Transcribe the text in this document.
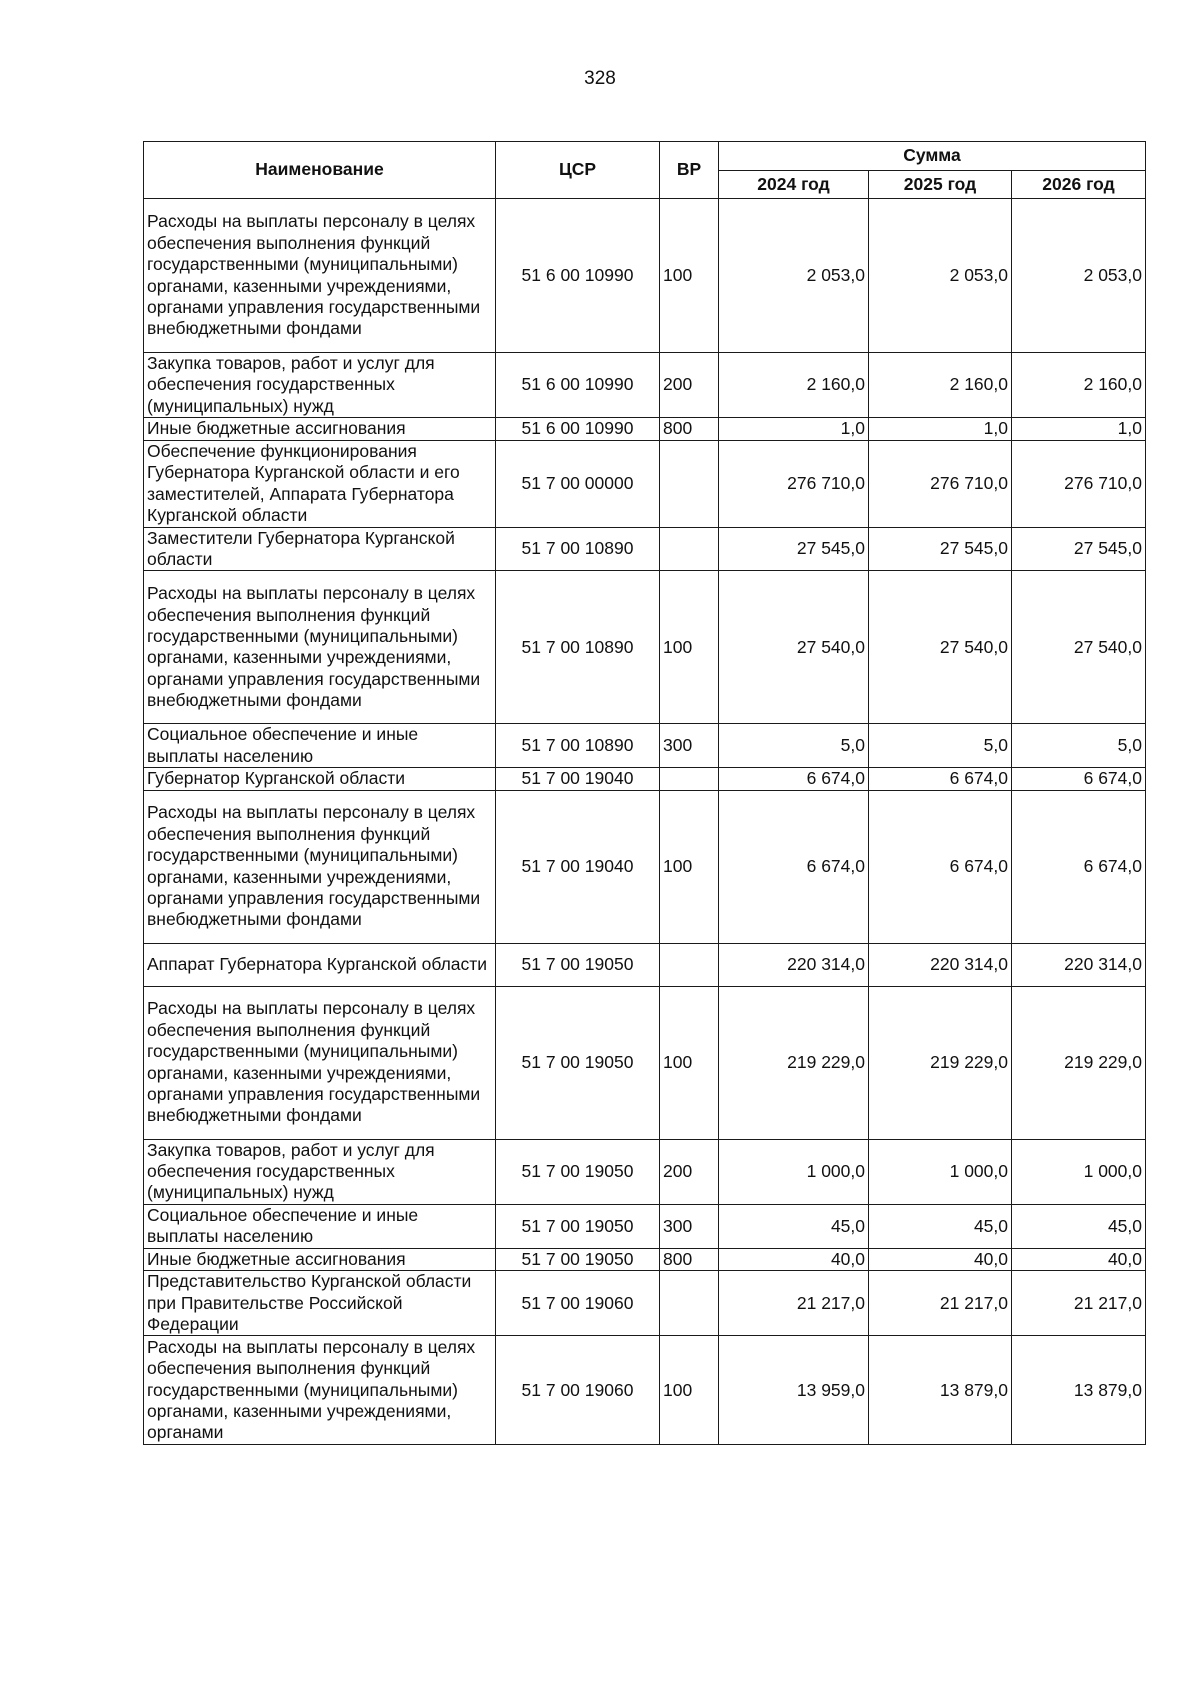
328
Наименование	ЦСР	ВР	Сумма		
			2024 год	2025 год	2026 год
Расходы на выплаты персоналу в целях обеспечения выполнения функций государственными (муниципальными) органами, казенными учреждениями, органами управления государственными внебюджетными фондами	51 6 00 10990	100	2 053,0	2 053,0	2 053,0
Закупка товаров, работ и услуг для обеспечения государственных (муниципальных) нужд	51 6 00 10990	200	2 160,0	2 160,0	2 160,0
Иные бюджетные ассигнования	51 6 00 10990	800	1,0	1,0	1,0
Обеспечение функционирования Губернатора Курганской области и его заместителей, Аппарата Губернатора Курганской области	51 7 00 00000		276 710,0	276 710,0	276 710,0
Заместители Губернатора Курганской области	51 7 00 10890		27 545,0	27 545,0	27 545,0
Расходы на выплаты персоналу в целях обеспечения выполнения функций государственными (муниципальными) органами, казенными учреждениями, органами управления государственными внебюджетными фондами	51 7 00 10890	100	27 540,0	27 540,0	27 540,0
Социальное обеспечение и иные выплаты населению	51 7 00 10890	300	5,0	5,0	5,0
Губернатор Курганской области	51 7 00 19040		6 674,0	6 674,0	6 674,0
Расходы на выплаты персоналу в целях обеспечения выполнения функций государственными (муниципальными) органами, казенными учреждениями, органами управления государственными внебюджетными фондами	51 7 00 19040	100	6 674,0	6 674,0	6 674,0
Аппарат Губернатора Курганской области	51 7 00 19050		220 314,0	220 314,0	220 314,0
Расходы на выплаты персоналу в целях обеспечения выполнения функций государственными (муниципальными) органами, казенными учреждениями, органами управления государственными внебюджетными фондами	51 7 00 19050	100	219 229,0	219 229,0	219 229,0
Закупка товаров, работ и услуг для обеспечения государственных (муниципальных) нужд	51 7 00 19050	200	1 000,0	1 000,0	1 000,0
Социальное обеспечение и иные выплаты населению	51 7 00 19050	300	45,0	45,0	45,0
Иные бюджетные ассигнования	51 7 00 19050	800	40,0	40,0	40,0
Представительство Курганской области при Правительстве Российской Федерации	51 7 00 19060		21 217,0	21 217,0	21 217,0
Расходы на выплаты персоналу в целях обеспечения выполнения функций государственными (муниципальными) органами, казенными учреждениями, органами	51 7 00 19060	100	13 959,0	13 879,0	13 879,0
